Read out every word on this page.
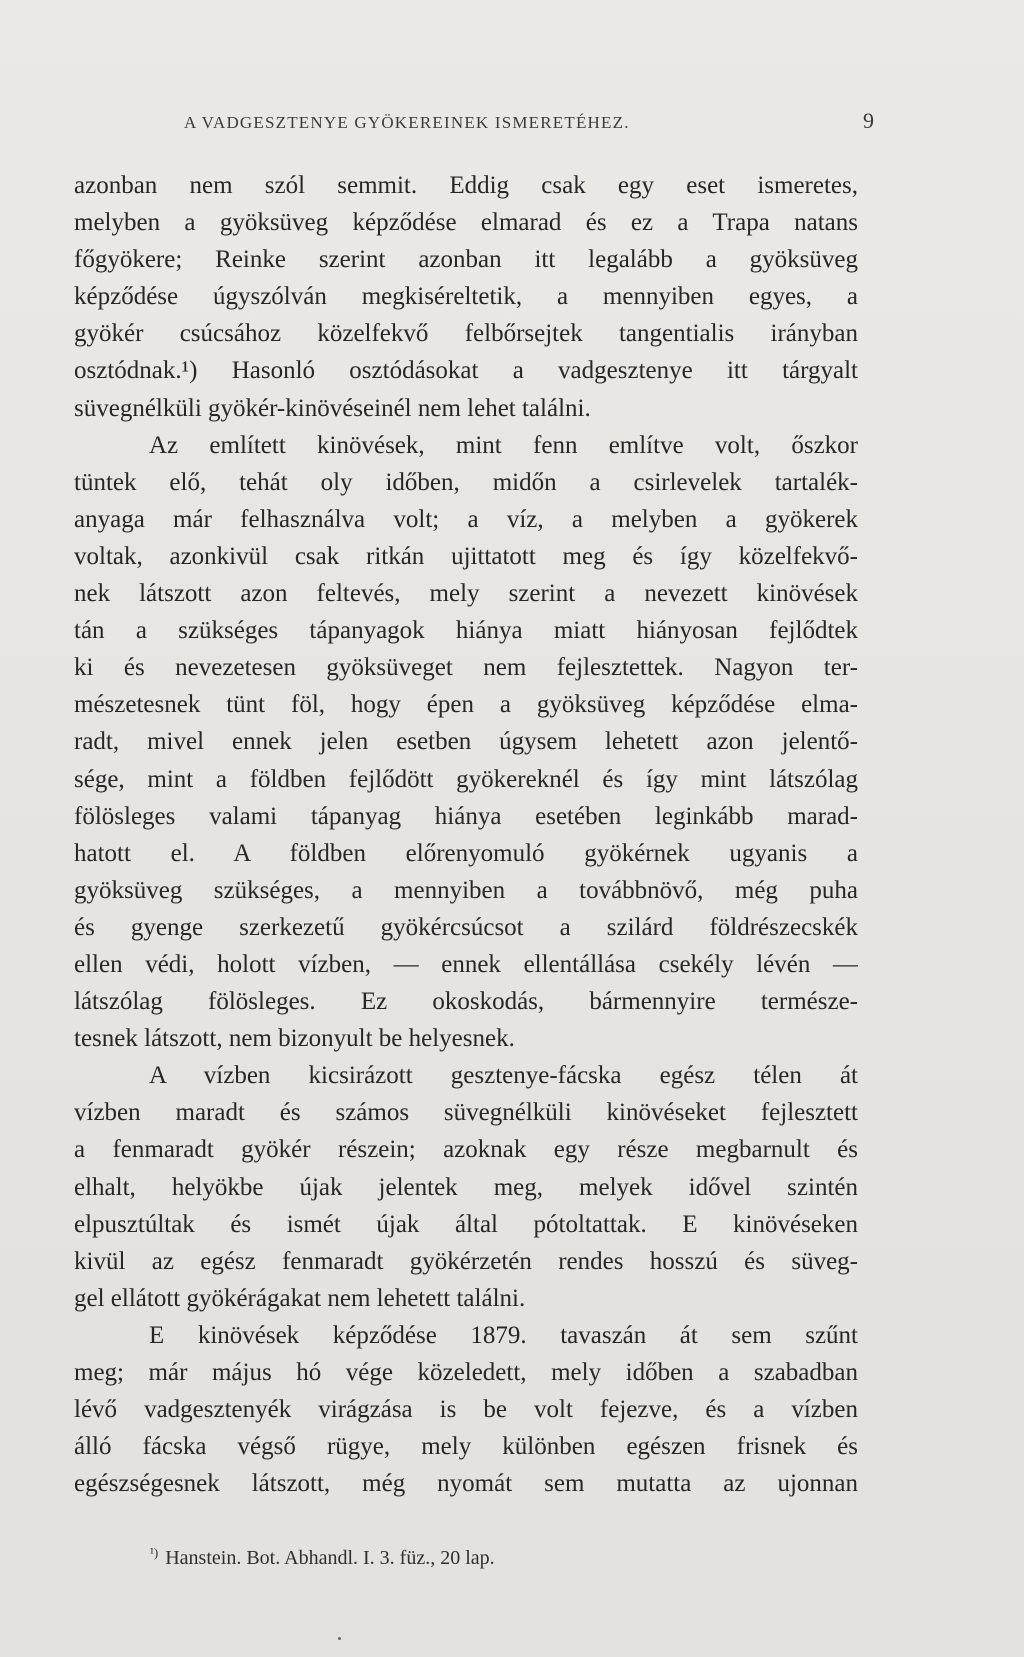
A VADGESZTENYE GYÖKEREINEK ISMERETÉHEZ.	9

azonban nem szól semmit. Eddig csak egy eset ismeretes,
melyben a gyöksüveg képződése elmarad és ez a Trapa natans
főgyökere; Reinke szerint azonban itt legalább a gyöksüveg
képződése úgyszólván megkiséreltetik, a mennyiben egyes, a
gyökér csúcsához közelfekvő felbőrsejtek tangentialis irányban
osztódnak.¹) Hasonló osztódásokat a vadgesztenye itt tárgyalt
süvegnélküli gyökér-kinövéseinél nem lehet találni.

Az említett kinövések, mint fenn említve volt, őszkor
tüntek elő, tehát oly időben, midőn a csirlevelek tartalék-
anyaga már felhasználva volt; a víz, a melyben a gyökerek
voltak, azonkivül csak ritkán ujittatott meg és így közelfekvő-
nek látszott azon feltevés, mely szerint a nevezett kinövések
tán a szükséges tápanyagok hiánya miatt hiányosan fejlődtek
ki és nevezetesen gyöksüveget nem fejlesztettek. Nagyon ter-
mészetesnek tünt föl, hogy épen a gyöksüveg képződése elma-
radt, mivel ennek jelen esetben úgysem lehetett azon jelentő-
sége, mint a földben fejlődött gyökereknél és így mint látszólag
fölösleges valami tápanyag hiánya esetében leginkább marad-
hatott el. A földben előrenyomuló gyökérnek ugyanis a
gyöksüveg szükséges, a mennyiben a továbbnövő, még puha
és gyenge szerkezetű gyökércsúcsot a szilárd földrészecskék
ellen védi, holott vízben, — ennek ellentállása csekély lévén —
látszólag fölösleges. Ez okoskodás, bármennyire természe-
tesnek látszott, nem bizonyult be helyesnek.

A vízben kicsirázott gesztenye-fácska egész télen át
vízben maradt és számos süvegnélküli kinövéseket fejlesztett
a fenmaradt gyökér részein; azoknak egy része megbarnult és
elhalt, helyökbe újak jelentek meg, melyek idővel szintén
elpusztúltak és ismét újak által pótoltattak. E kinövéseken
kivül az egész fenmaradt gyökérzetén rendes hosszú és süveg-
gel ellátott gyökérágakat nem lehetett találni.

E kinövések képződése 1879. tavaszán át sem szűnt
meg; már május hó vége közeledett, mely időben a szabadban
lévő vadgesztenyék virágzása is be volt fejezve, és a vízben
álló fácska végső rügye, mely különben egészen frisnek és
egészségesnek látszott, még nyomát sem mutatta az ujonnan

$^{^1)}$ Hanstein. Bot. Abhandl. I. 3. füz., 20 lap.
